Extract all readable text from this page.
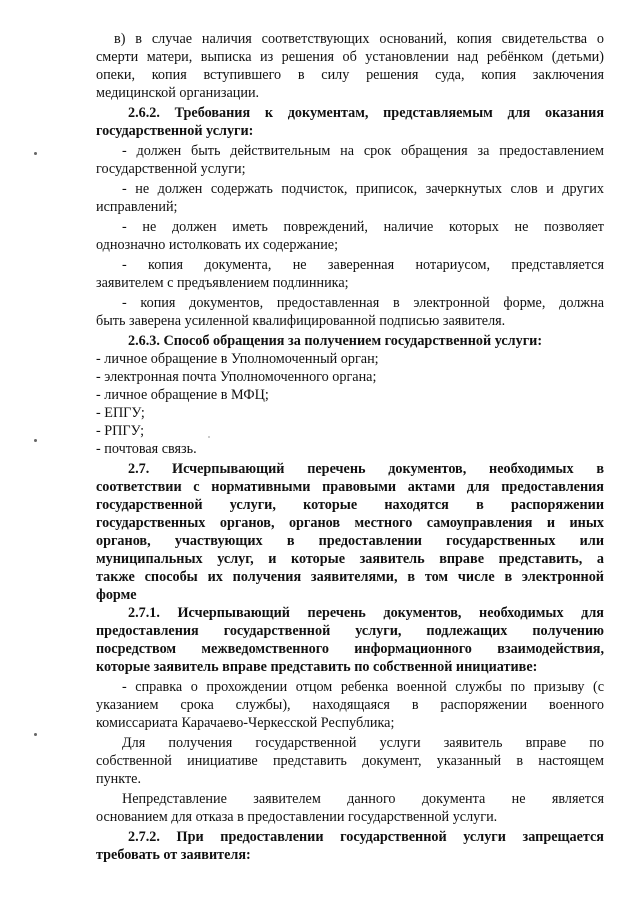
в) в случае наличия соответствующих оснований, копия свидетельства о
смерти матери, выписка из решения об установлении над ребёнком (детьми)
опеки, копия вступившего в силу решения суда, копия заключения
медицинской организации.
2.6.2. Требования к документам, представляемым для оказания
государственной услуги:
- должен быть действительным на срок обращения за предоставлением
государственной услуги;
- не должен содержать подчисток, приписок, зачеркнутых слов и других
исправлений;
- не должен иметь повреждений, наличие которых не позволяет
однозначно истолковать их содержание;
- копия документа, не заверенная нотариусом, представляется
заявителем с предъявлением подлинника;
- копия документов, предоставленная в электронной форме, должна
быть заверена усиленной квалифицированной подписью заявителя.
2.6.3. Способ обращения за получением государственной услуги:
- личное обращение в Уполномоченный орган;
- электронная почта Уполномоченного органа;
- личное обращение в МФЦ;
- ЕПГУ;
- РПГУ;
- почтовая связь.
2.7. Исчерпывающий перечень документов, необходимых в
соответствии с нормативными правовыми актами для предоставления
государственной услуги, которые находятся в распоряжении
государственных органов, органов местного самоуправления и иных
органов, участвующих в предоставлении государственных или
муниципальных услуг, и которые заявитель вправе представить, а
также способы их получения заявителями, в том числе в электронной
форме
2.7.1. Исчерпывающий перечень документов, необходимых для
предоставления государственной услуги, подлежащих получению
посредством межведомственного информационного взаимодействия,
которые заявитель вправе представить по собственной инициативе:
- справка о прохождении отцом ребенка военной службы по призыву (с
указанием срока службы), находящаяся в распоряжении военного
комиссариата Карачаево-Черкесской Республика;
Для получения государственной услуги заявитель вправе по
собственной инициативе представить документ, указанный в настоящем
пункте.
Непредставление заявителем данного документа не является
основанием для отказа в предоставлении государственной услуги.
2.7.2. При предоставлении государственной услуги запрещается
требовать от заявителя:
